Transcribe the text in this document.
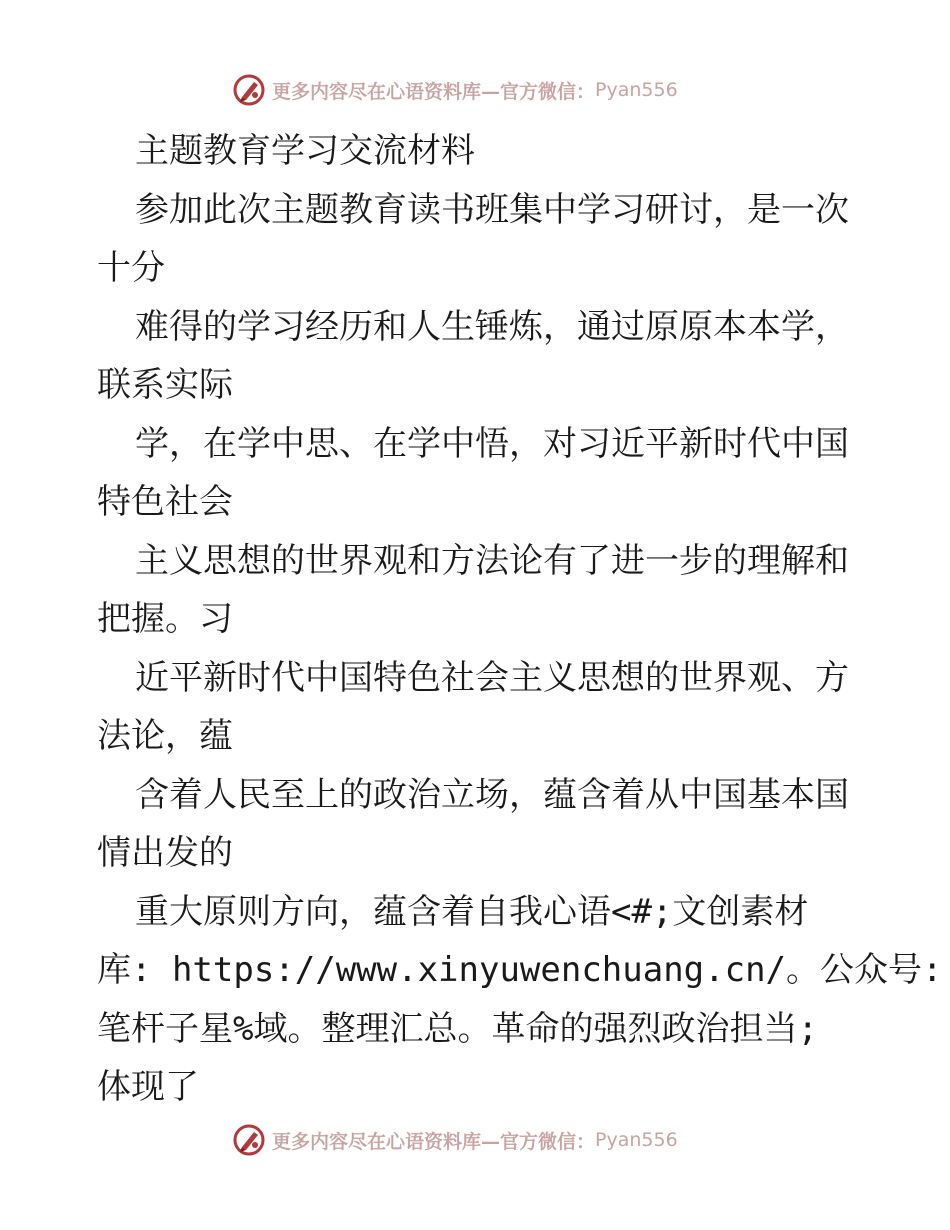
更多内容尽在心语资料库—官方微信： Pyan556
主题教育学习交流材料
参加此次主题教育读书班集中学习研讨，是一次
十分
难得的学习经历和人生锤炼，通过原原本本学，
联系实际
学，在学中思、在学中悟，对习近平新时代中国
特色社会
主义思想的世界观和方法论有了进一步的理解和
把握。习
近平新时代中国特色社会主义思想的世界观、方
法论，蕴
含着人民至上的政治立场，蕴含着从中国基本国
情出发的
重大原则方向，蕴含着自我心语<#;文创素材
库: https://www.xinyuwenchuang.cn/。公众号:
笔杆子星%域。整理汇总。革命的强烈政治担当;
体现了
更多内容尽在心语资料库—官方微信： Pyan556
